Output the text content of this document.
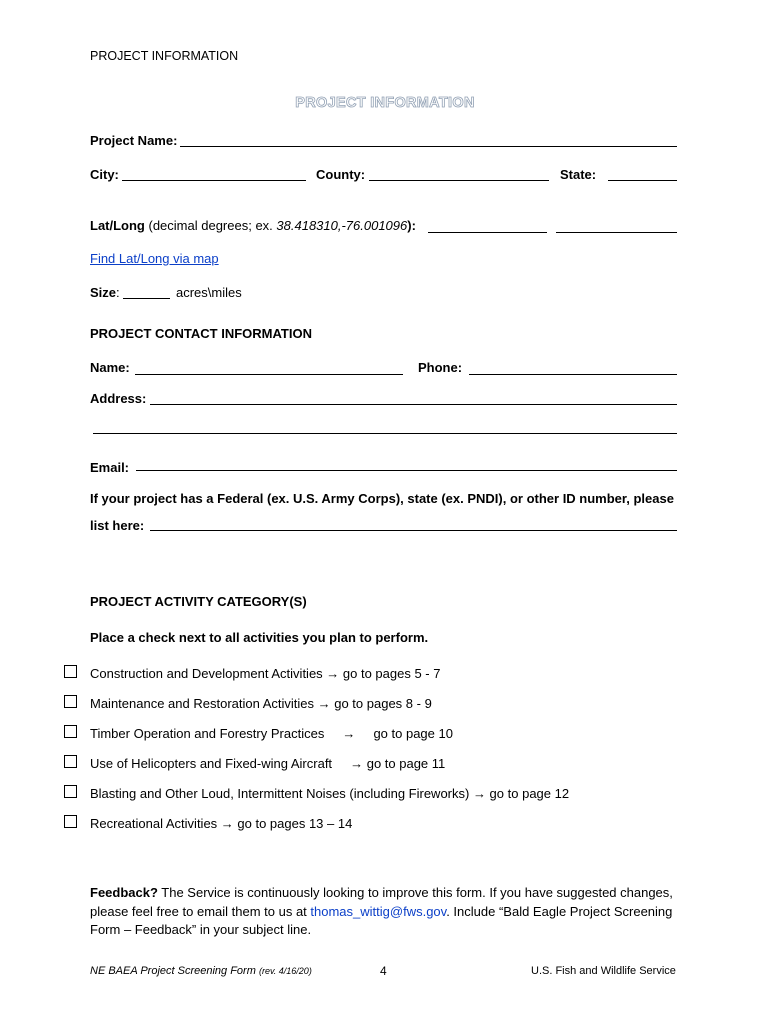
PROJECT INFORMATION
PROJECT INFORMATION
Project Name:
City:	County:	State:
Lat/Long (decimal degrees; ex. 38.418310,-76.001096):
Find Lat/Long via map
Size:	acres\miles
PROJECT CONTACT INFORMATION
Name:	Phone:
Address:
Email:
If your project has a Federal (ex. U.S. Army Corps), state (ex. PNDI), or other ID number, please
list here:
PROJECT ACTIVITY CATEGORY(S)
Place a check next to all activities you plan to perform.
Construction and Development Activities → go to pages 5 - 7
Maintenance and Restoration Activities → go to pages 8 - 9
Timber Operation and Forestry Practices     →     go to page 10
Use of Helicopters and Fixed-wing Aircraft     → go to page 11
Blasting and Other Loud, Intermittent Noises (including Fireworks) → go to page 12
Recreational Activities → go to pages 13 – 14
Feedback? The Service is continuously looking to improve this form. If you have suggested changes, please feel free to email them to us at thomas_wittig@fws.gov. Include “Bald Eagle Project Screening Form – Feedback” in your subject line.
NE BAEA Project Screening Form (rev. 4/16/20)	4	U.S. Fish and Wildlife Service
